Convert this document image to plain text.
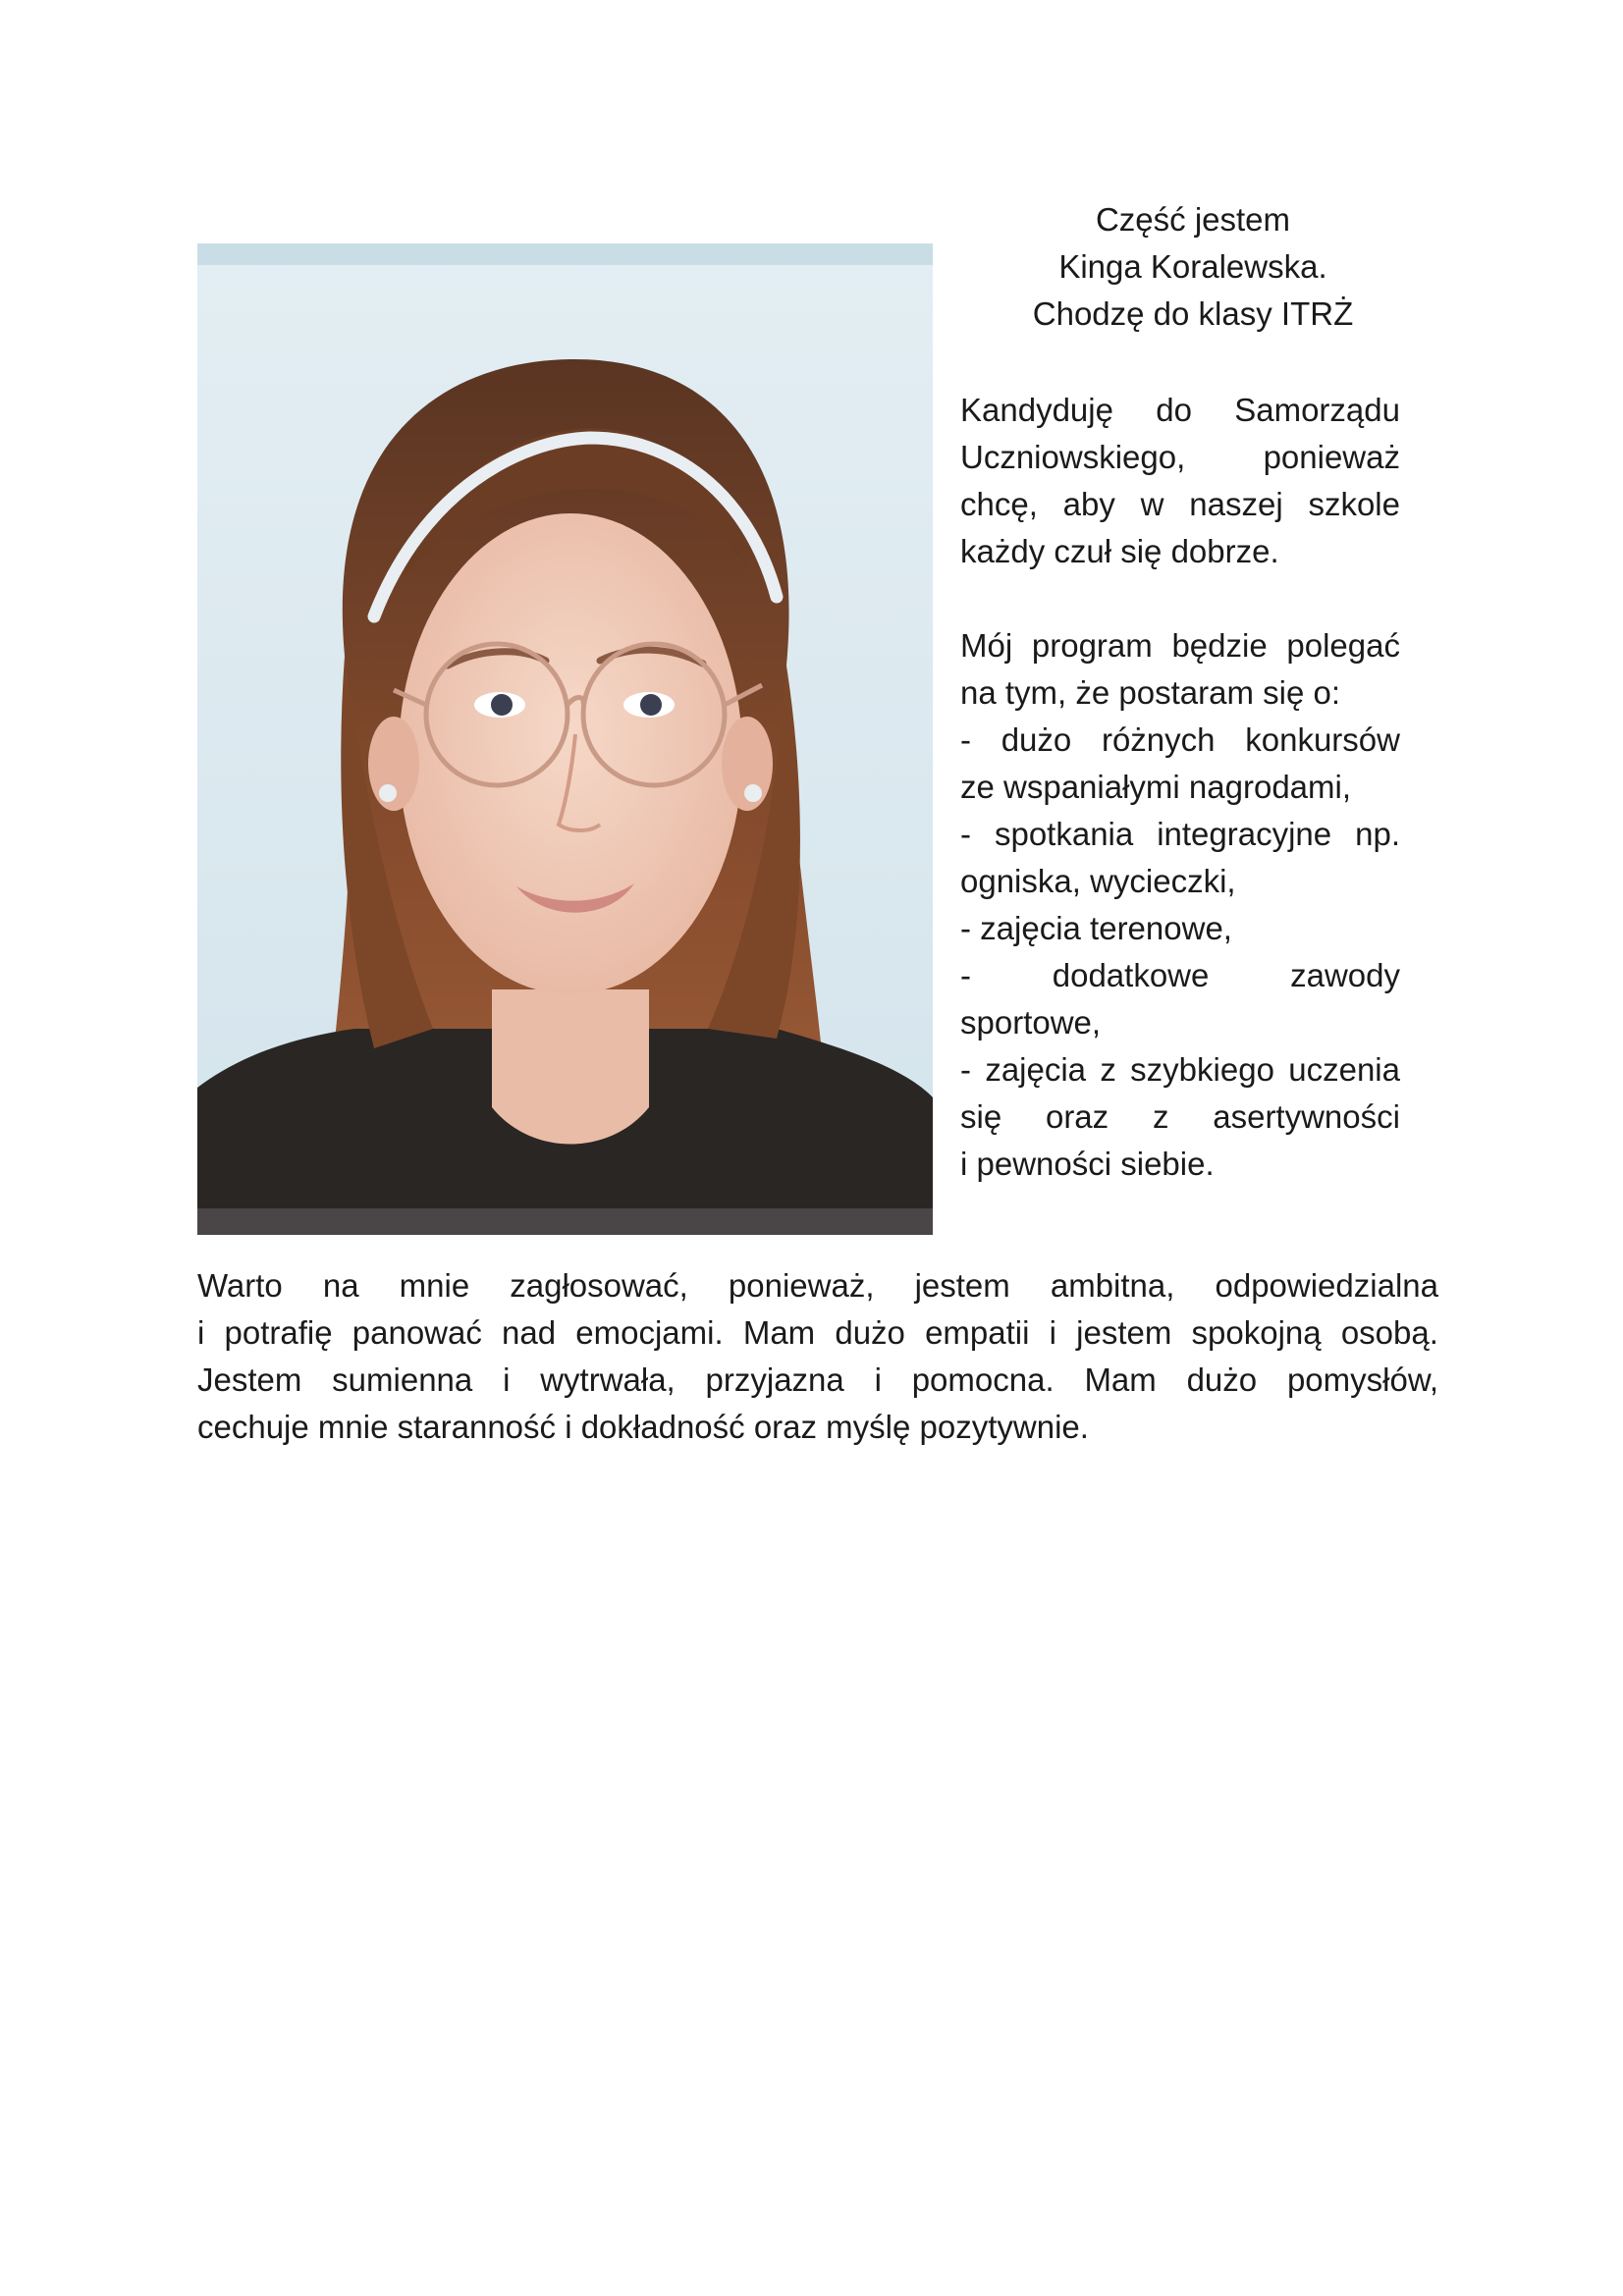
Część jestem
Kinga Koralewska.
Chodzę do klasy ITRŻ
Kandyduję do Samorządu
Uczniowskiego, ponieważ
chcę, aby w naszej szkole
każdy czuł się dobrze.
Mój program będzie polegać
na tym, że postaram się o:
- dużo różnych konkursów
ze wspaniałymi nagrodami,
- spotkania integracyjne np.
ogniska, wycieczki,
- zajęcia terenowe,
-	dodatkowe	zawody
sportowe,
- zajęcia z szybkiego uczenia
się oraz z asertywności
i pewności siebie.
Warto na mnie zagłosować, ponieważ, jestem ambitna, odpowiedzialna
i potrafię panować nad emocjami. Mam dużo empatii i jestem spokojną osobą.
Jestem sumienna i wytrwała, przyjazna i pomocna. Mam dużo pomysłów,
cechuje mnie staranność i dokładność oraz myślę pozytywnie.
